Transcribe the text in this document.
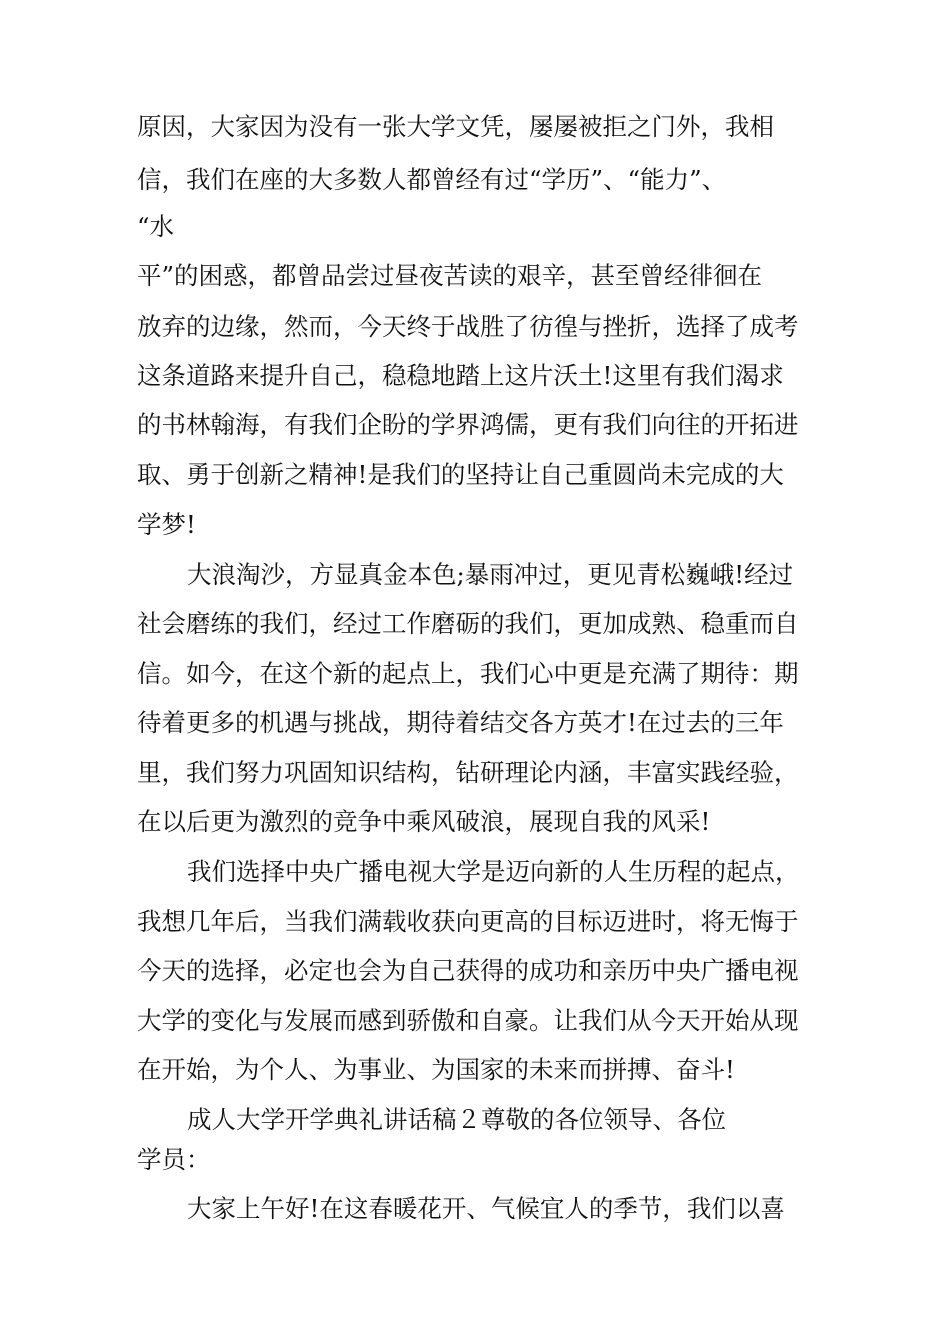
原因，大家因为没有一张大学文凭，屡屡被拒之门外，我相

信，我们在座的大多数人都曾经有过“学历”、“能力”、

“水

平”的困惑，都曾品尝过昼夜苦读的艰辛，甚至曾经徘徊在

放弃的边缘，然而，今天终于战胜了彷徨与挫折，选择了成考

这条道路来提升自己，稳稳地踏上这片沃土!这里有我们渴求

的书林翰海，有我们企盼的学界鸿儒，更有我们向往的开拓进

取、勇于创新之精神!是我们的坚持让自己重圆尚未完成的大

学梦!

大浪淘沙，方显真金本色;暴雨冲过，更见青松巍峨!经过

社会磨练的我们，经过工作磨砺的我们，更加成熟、稳重而自

信。如今，在这个新的起点上，我们心中更是充满了期待：期

待着更多的机遇与挑战，期待着结交各方英才!在过去的三年

里，我们努力巩固知识结构，钻研理论内涵，丰富实践经验，

在以后更为激烈的竞争中乘风破浪，展现自我的风采!

我们选择中央广播电视大学是迈向新的人生历程的起点，

我想几年后，当我们满载收获向更高的目标迈进时，将无悔于

今天的选择，必定也会为自己获得的成功和亲历中央广播电视

大学的变化与发展而感到骄傲和自豪。让我们从今天开始从现

在开始，为个人、为事业、为国家的未来而拼搏、奋斗!

成人大学开学典礼讲话稿２尊敬的各位领导、各位

学员：

大家上午好!在这春暖花开、气候宜人的季节，我们以喜
